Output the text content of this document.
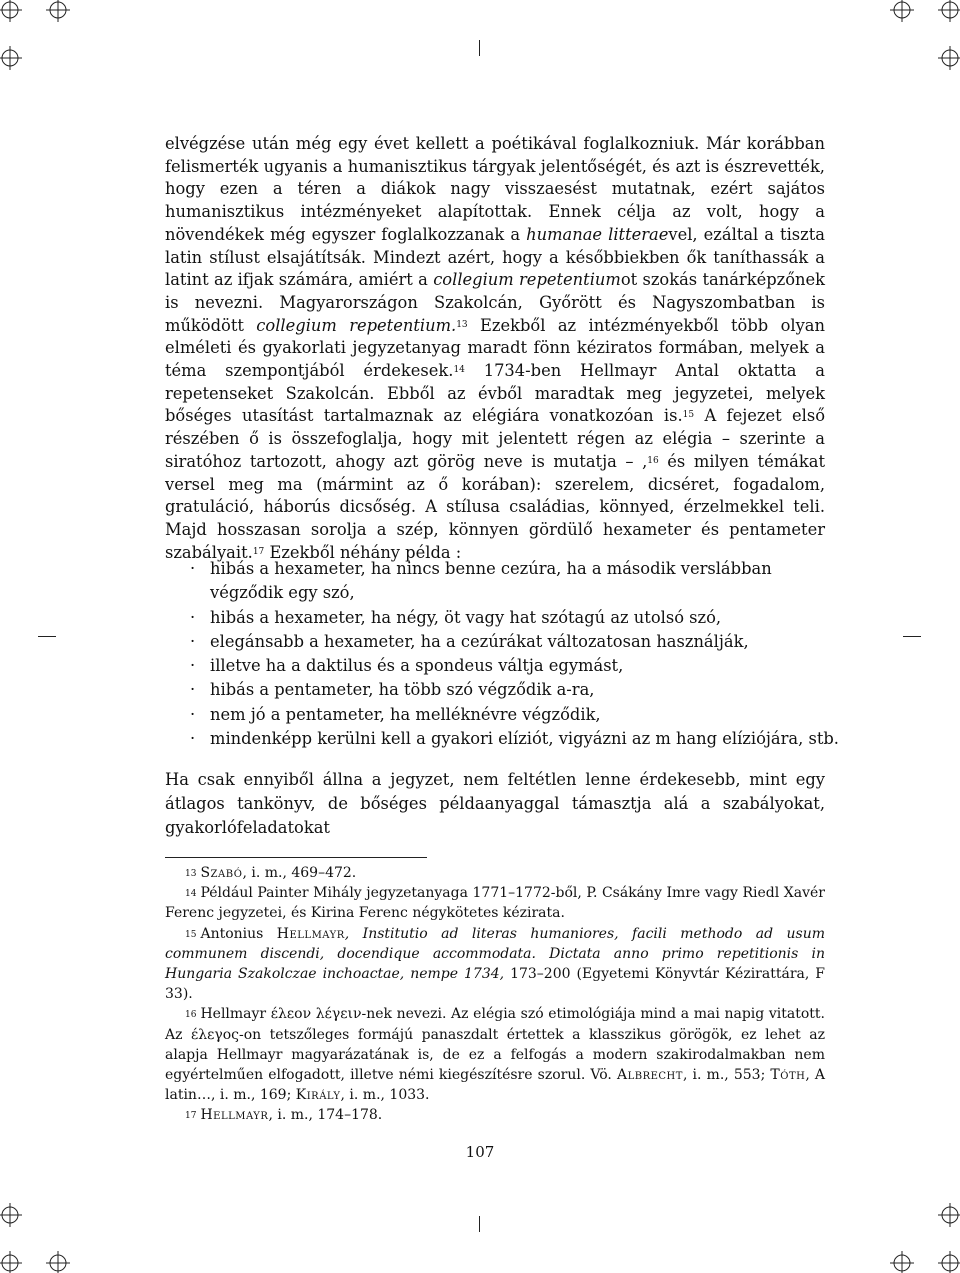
elvégzése után még egy évet kellett a poétikával foglalkozniuk. Már korábban felismerték ugyanis a humanisztikus tárgyak jelentőségét, és azt is észrevették, hogy ezen a téren a diákok nagy visszaesést mutatnak, ezért sajátos humanisztikus intézményeket alapítottak. Ennek célja az volt, hogy a növendékek még egyszer foglalkozzanak a humanae litteraevel, ezáltal a tiszta latin stílust elsajátítsák. Mindezt azért, hogy a későbbiekben ők taníthassák a latint az ifjak számára, amiért a collegium repetentiumot szokás tanárképzőnek is nevezni. Magyarországon Szakolcán, Győrött és Nagyszombatban is működött collegium repetentium.$^{13}$ Ezekből az intézményekből több olyan elméleti és gyakorlati jegyzetanyag maradt fönn kéziratos formában, melyek a téma szempontjából érdekesek.$^{14}$ 1734-ben Hellmayr Antal oktatta a repetenseket Szakolcán. Ebből az évből maradtak meg jegyzetei, melyek bőséges utasítást tartalmaznak az elégiára vonatkozóan is.$^{15}$ A fejezet első részében ő is összefoglalja, hogy mit jelentett régen az elégia – szerinte a siratóhoz tartozott, ahogy azt görög neve is mutatja – ,$^{16}$ és milyen témákat versel meg ma (mármint az ő korában): szerelem, dicséret, fogadalom, gratuláció, háborús dicsőség. A stílusa családias, könnyed, érzelmekkel teli. Majd hosszasan sorolja a szép, könnyen gördülő hexameter és pentameter szabályait.$^{17}$ Ezekből néhány példa :

· hibás a hexameter, ha nincs benne cezúra, ha a második verslábban végződik egy szó,
· hibás a hexameter, ha négy, öt vagy hat szótagú az utolsó szó,
· elegánsabb a hexameter, ha a cezúrákat változatosan használják,
· illetve ha a daktilus és a spondeus váltja egymást,
· hibás a pentameter, ha több szó végződik a-ra,
· nem jó a pentameter, ha melléknévre végződik,
· mindenképp kerülni kell a gyakori elíziót, vigyázni az m hang elíziójára, stb.
Ha csak ennyiből állna a jegyzet, nem feltétlen lenne érdekesebb, mint egy átlagos tankönyv, de bőséges példaanyaggal támasztja alá a szabályokat, gyakorlófeladatokat

$^{13}$ Szabó, i. m., 469–472.

$^{14}$ Például Painter Mihály jegyzetanyaga 1771–1772-ből, P. Csákány Imre vagy Riedl Xavér Ferenc jegyzetei, és Kirina Ferenc négykötetes kézirata.

$^{15}$ Antonius Hellmayr, Institutio ad literas humaniores, facili methodo ad usum communem discendi, docendique accommodata. Dictata anno primo repetitionis in Hungaria Szakolczae inchoactae, nempe 1734, 173–200 (Egyetemi Könyvtár Kézirattára, F 33).

$^{16}$ Hellmayr έλεον λέγειν-nek nevezi. Az elégia szó etimológiája mind a mai napig vitatott. Az έλεγος-on tetszőleges formájú panaszdalt értettek a klasszikus görögök, ez lehet az alapja Hellmayr magyarázatának is, de ez a felfogás a modern szakirodalmakban nem egyértelműen elfogadott, illetve némi kiegészítésre szorul. Vö. Albrecht, i. m., 553; Tóth, A latin…, i. m., 169; Király, i. m., 1033.

$^{17}$ Hellmayr, i. m., 174–178.

107
